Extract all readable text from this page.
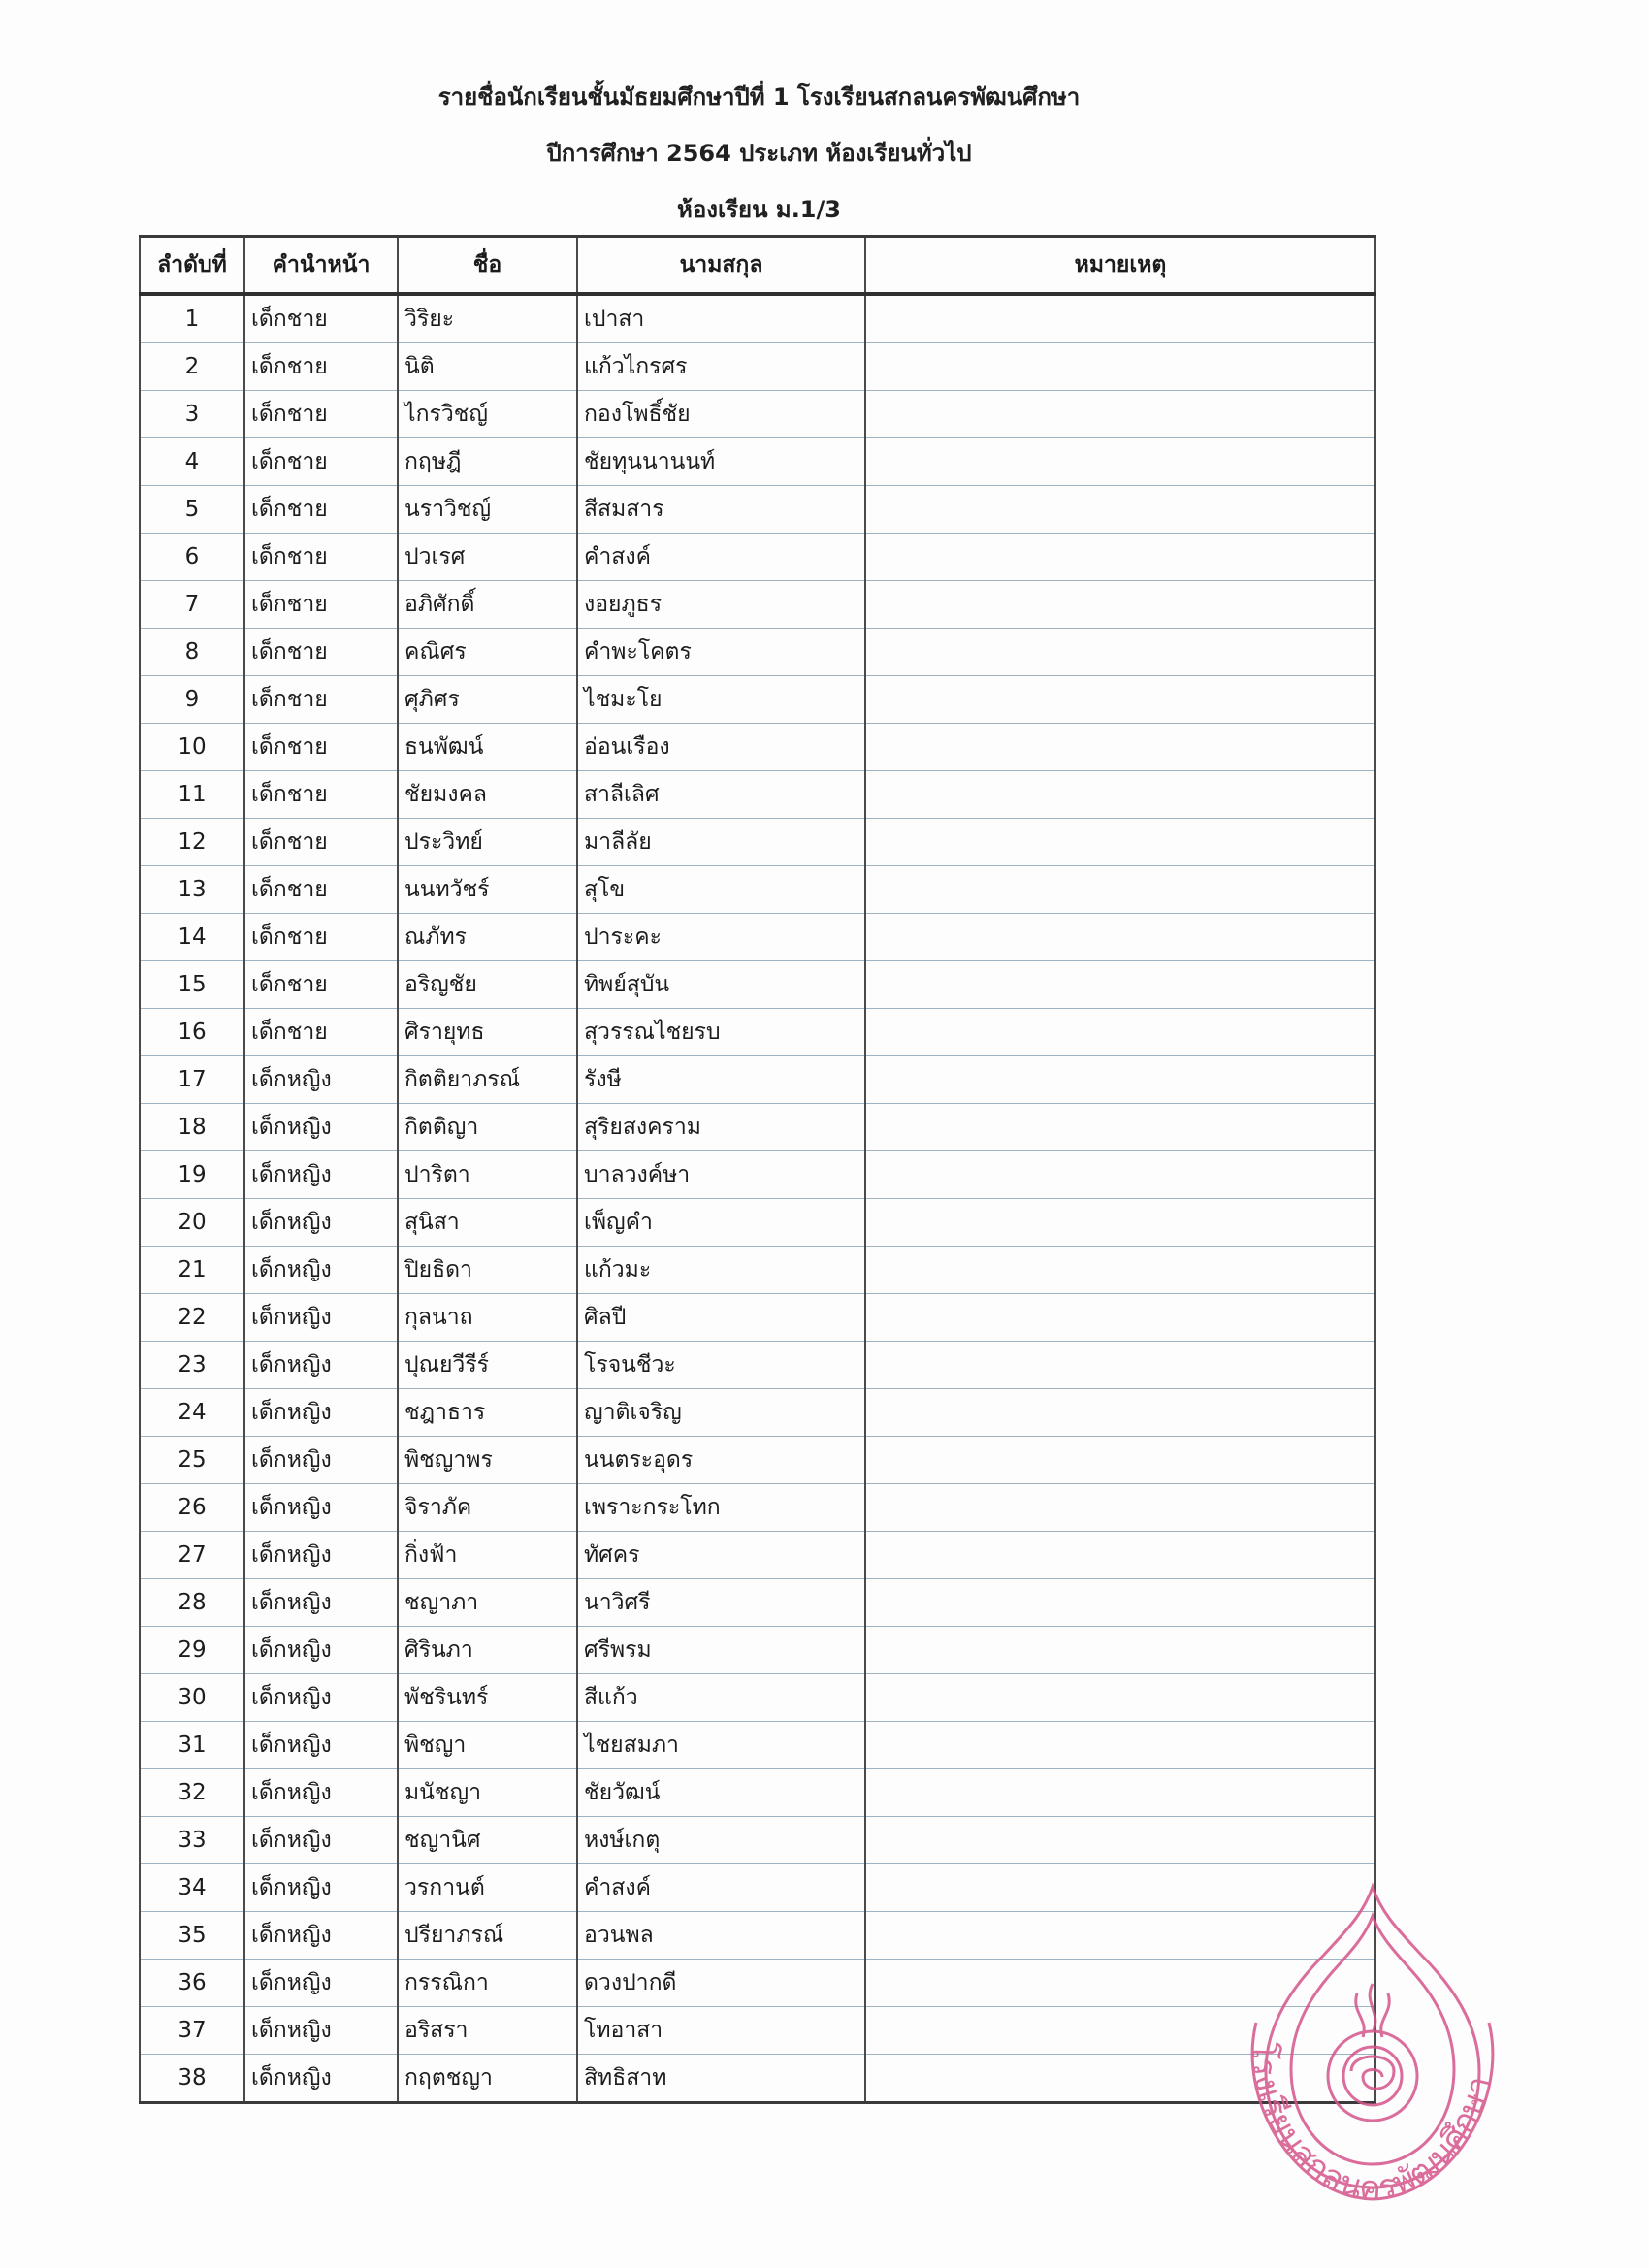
รายชื่อนักเรียนชั้นมัธยมศึกษาปีที่ 1 โรงเรียนสกลนครพัฒนศึกษา
ปีการศึกษา 2564 ประเภท ห้องเรียนทั่วไป
ห้องเรียน ม.1/3
ลำดับที่	คำนำหน้า	ชื่อ	นามสกุล	หมายเหตุ
1	เด็กชาย	วิริยะ	เปาสา	
2	เด็กชาย	นิติ	แก้วไกรศร	
3	เด็กชาย	ไกรวิชญ์	กองโพธิ์ชัย	
4	เด็กชาย	กฤษฎี	ชัยทุนนานนท์	
5	เด็กชาย	นราวิชญ์	สีสมสาร	
6	เด็กชาย	ปวเรศ	คำสงค์	
7	เด็กชาย	อภิศักดิ์	งอยภูธร	
8	เด็กชาย	คณิศร	คำพะโคตร	
9	เด็กชาย	ศุภิศร	ไชมะโย	
10	เด็กชาย	ธนพัฒน์	อ่อนเรือง	
11	เด็กชาย	ชัยมงคล	สาลีเลิศ	
12	เด็กชาย	ประวิทย์	มาลีลัย	
13	เด็กชาย	นนทวัชร์	สุโข	
14	เด็กชาย	ณภัทร	ปาระคะ	
15	เด็กชาย	อริญชัย	ทิพย์สุบัน	
16	เด็กชาย	ศิรายุทธ	สุวรรณไชยรบ	
17	เด็กหญิง	กิตติยาภรณ์	รังษี	
18	เด็กหญิง	กิตติญา	สุริยสงคราม	
19	เด็กหญิง	ปาริตา	บาลวงค์ษา	
20	เด็กหญิง	สุนิสา	เพ็ญคำ	
21	เด็กหญิง	ปิยธิดา	แก้วมะ	
22	เด็กหญิง	กุลนาถ	ศิลปี	
23	เด็กหญิง	ปุณยวีรีร์	โรจนชีวะ	
24	เด็กหญิง	ชฎาธาร	ญาติเจริญ	
25	เด็กหญิง	พิชญาพร	นนตระอุดร	
26	เด็กหญิง	จิราภัค	เพราะกระโทก	
27	เด็กหญิง	กิ่งฟ้า	ทัศคร	
28	เด็กหญิง	ชญาภา	นาวิศรี	
29	เด็กหญิง	ศิรินภา	ศรีพรม	
30	เด็กหญิง	พัชรินทร์	สีแก้ว	
31	เด็กหญิง	พิชญา	ไชยสมภา	
32	เด็กหญิง	มนัชญา	ชัยวัฒน์	
33	เด็กหญิง	ชญานิศ	หงษ์เกตุ	
34	เด็กหญิง	วรกานต์	คำสงค์	
35	เด็กหญิง	ปรียาภรณ์	อวนพล	
36	เด็กหญิง	กรรณิกา	ดวงปากดี	
37	เด็กหญิง	อริสรา	โทอาสา	
38	เด็กหญิง	กฤตชญา	สิทธิสาท	
โรงเรียนสกลนครพัฒนศึกษา
